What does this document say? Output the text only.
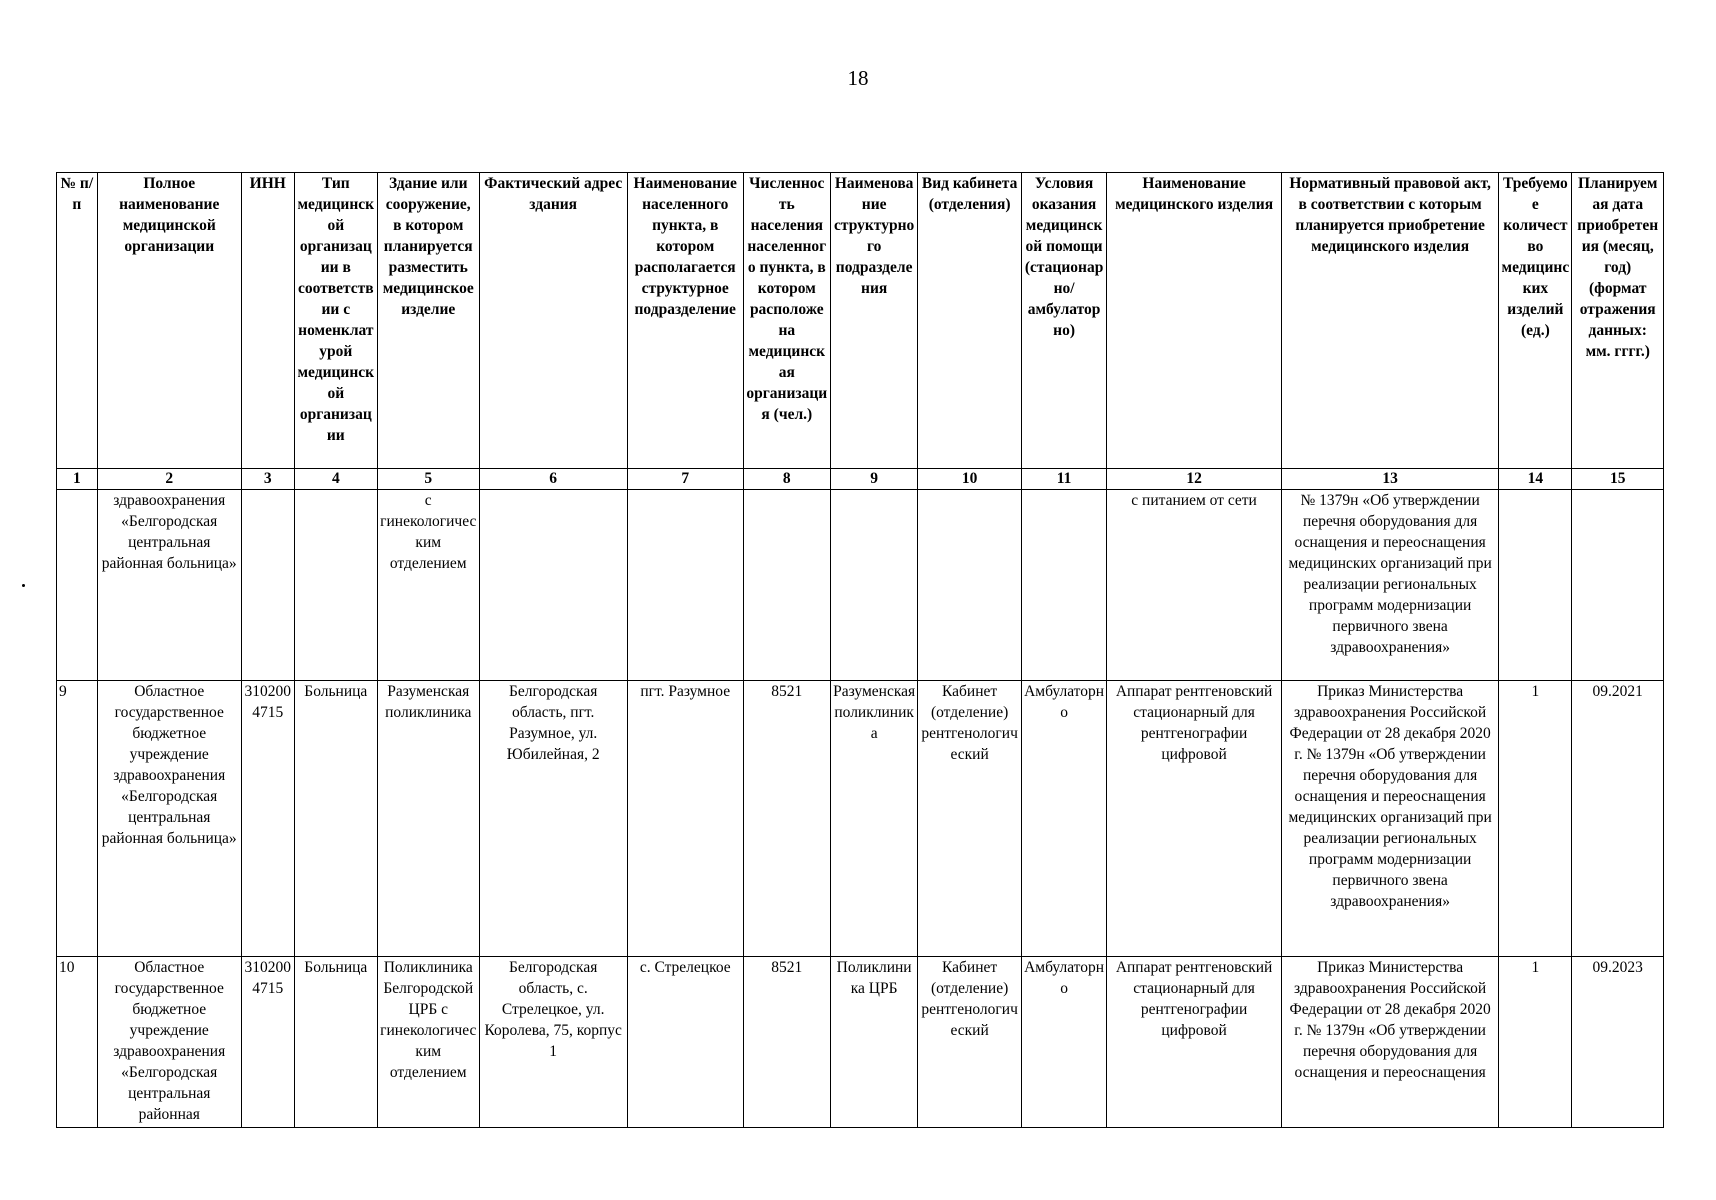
18
№ п/п	Полное наименование медицинской организации	ИНН	Тип медицинской организации в соответствии с номенклатурой медицинской организации	Здание или сооружение, в котором планируется разместить медицинское изделие	Фактический адрес здания	Наименование населенного пункта, в котором располагается структурное подразделение	Численность населения населенного пункта, в котором расположена медицинская организация (чел.)	Наименование структурного подразделения	Вид кабинета (отделения)	Условия оказания медицинской помощи (стационарно/ амбулаторно)	Наименование медицинского изделия	Нормативный правовой акт, в соответствии с которым планируется приобретение медицинского изделия	Требуемое количество медицинских изделий (ед.)	Планируемая дата приобретения (месяц, год) (формат отражения данных: мм. гггг.)
1	2	3	4	5	6	7	8	9	10	11	12	13	14	15
	здравоохранения «Белгородская центральная районная больница»			с гинекологическим отделением							с питанием от сети	№ 1379н «Об утверждении перечня оборудования для оснащения и переоснащения медицинских организаций при реализации региональных программ модернизации первичного звена здравоохранения»		
9	Областное государственное бюджетное учреждение здравоохранения «Белгородская центральная районная больница»	3102004715	Больница	Разуменская поликлиника	Белгородская область, пгт. Разумное, ул. Юбилейная, 2	пгт. Разумное	8521	Разуменская поликлиника	Кабинет (отделение) рентгенологический	Амбулаторно	Аппарат рентгеновский стационарный для рентгенографии цифровой	Приказ Министерства здравоохранения Российской Федерации от 28 декабря 2020 г. № 1379н «Об утверждении перечня оборудования для оснащения и переоснащения медицинских организаций при реализации региональных программ модернизации первичного звена здравоохранения»	1	09.2021
10	Областное государственное бюджетное учреждение здравоохранения «Белгородская центральная районная	3102004715	Больница	Поликлиника Белгородской ЦРБ с гинекологическим отделением	Белгородская область, с. Стрелецкое, ул. Королева, 75, корпус 1	с. Стрелецкое	8521	Поликлиника ЦРБ	Кабинет (отделение) рентгенологический	Амбулаторно	Аппарат рентгеновский стационарный для рентгенографии цифровой	Приказ Министерства здравоохранения Российской Федерации от 28 декабря 2020 г. № 1379н «Об утверждении перечня оборудования для оснащения и переоснащения	1	09.2023
